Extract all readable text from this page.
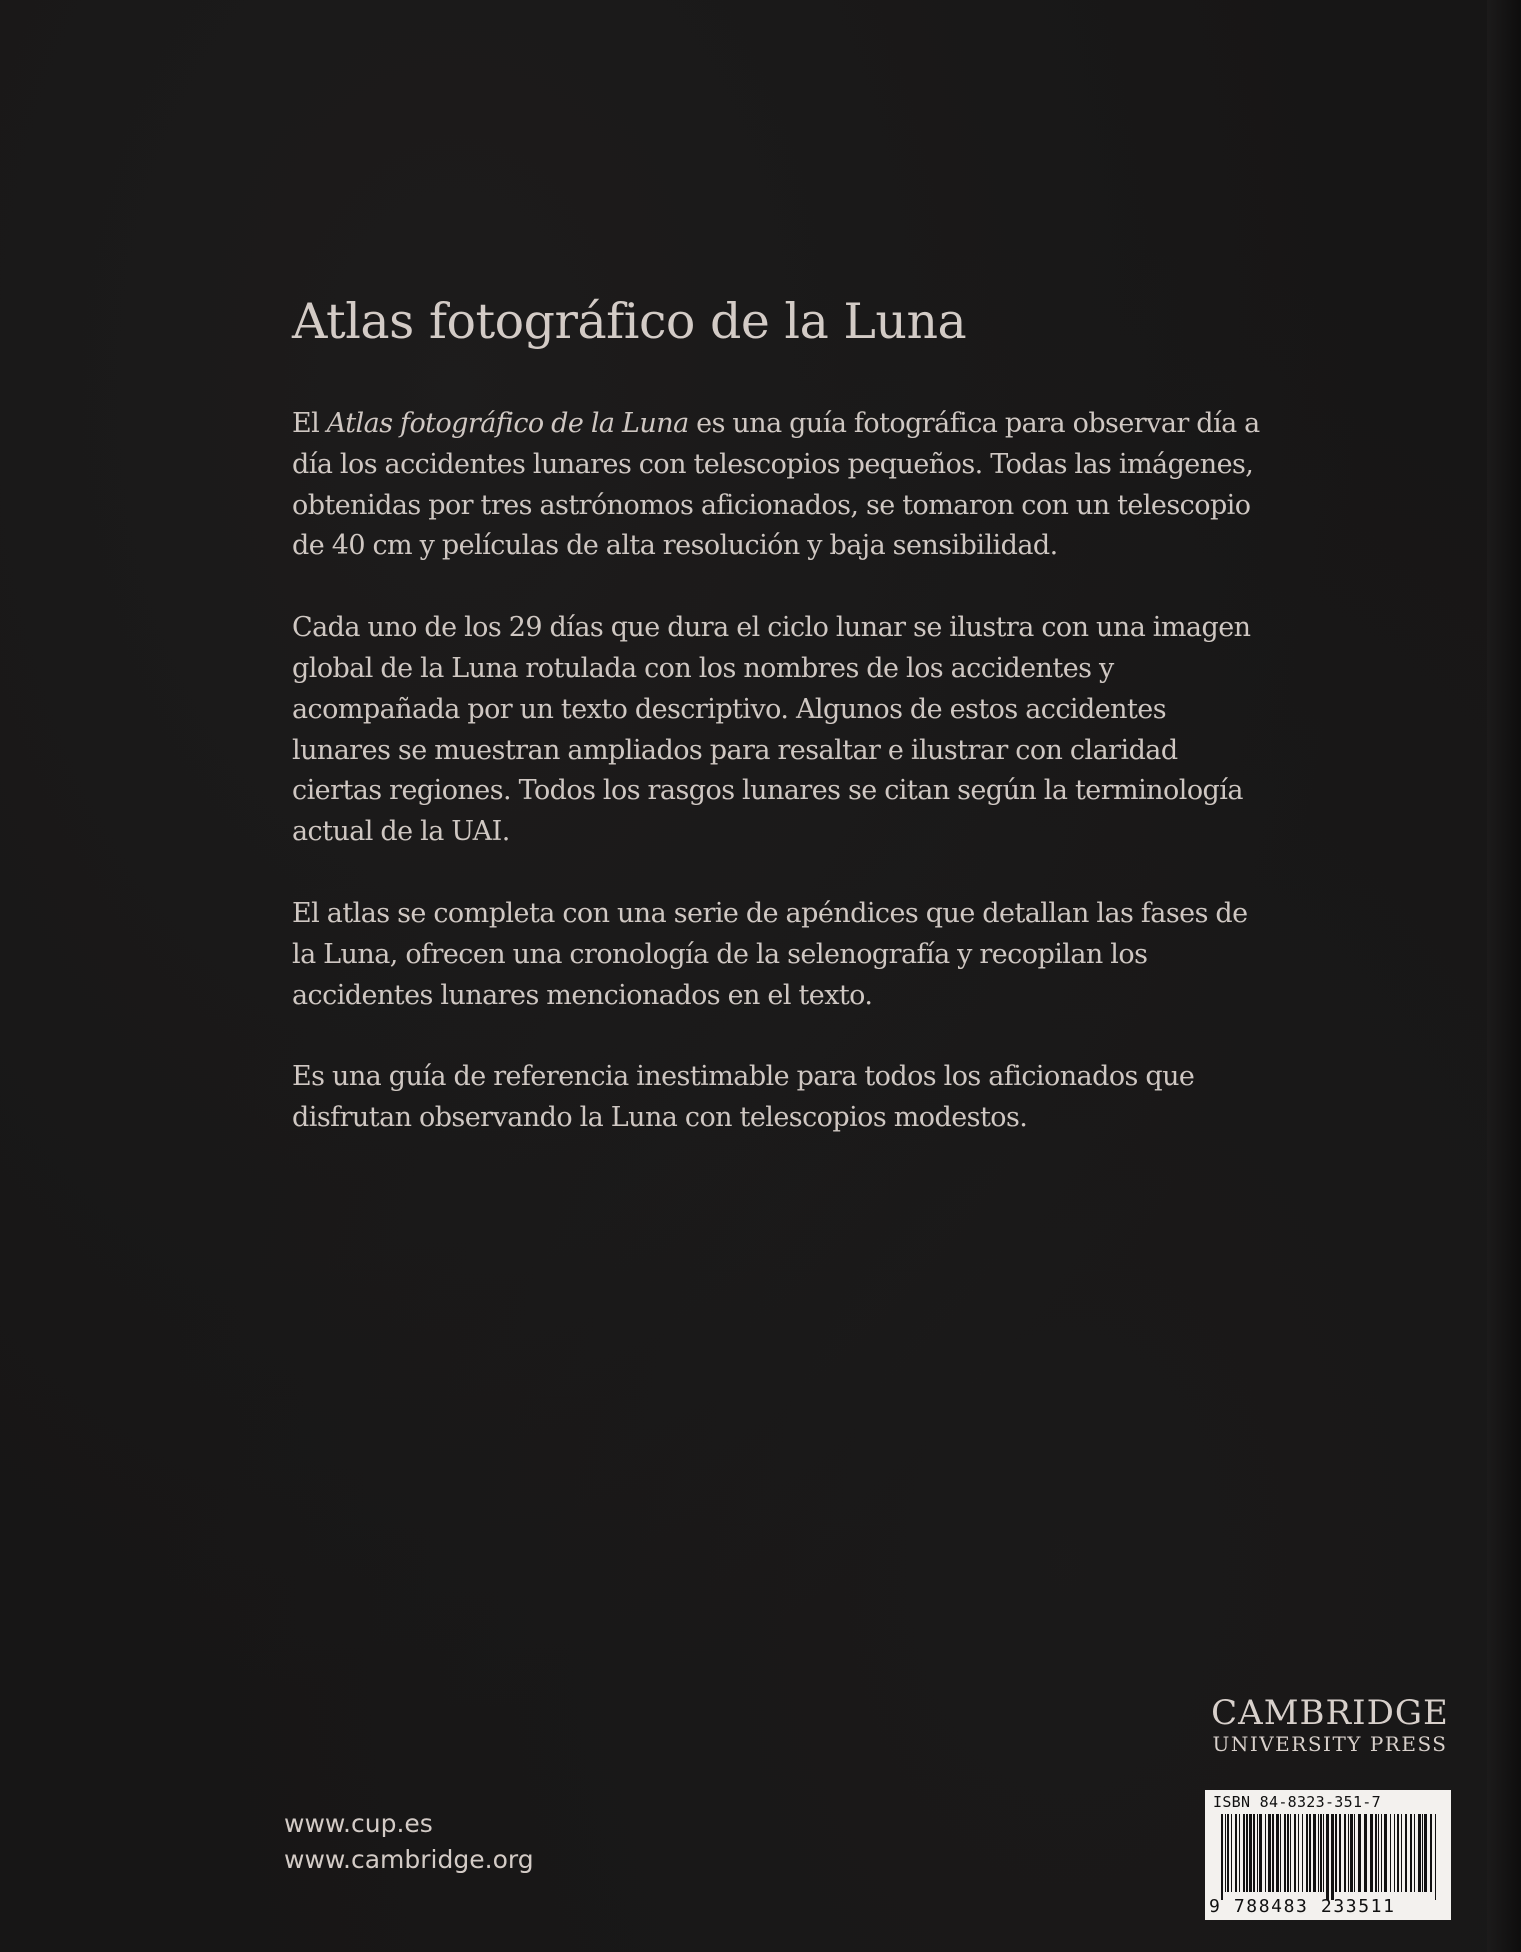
Atlas fotográfico de la Luna

El Atlas fotográfico de la Luna es una guía fotográfica para observar día a día los accidentes lunares con telescopios pequeños. Todas las imágenes, obtenidas por tres astrónomos aficionados, se tomaron con un telescopio de 40 cm y películas de alta resolución y baja sensibilidad.

Cada uno de los 29 días que dura el ciclo lunar se ilustra con una imagen global de la Luna rotulada con los nombres de los accidentes y acompañada por un texto descriptivo. Algunos de estos accidentes lunares se muestran ampliados para resaltar e ilustrar con claridad ciertas regiones. Todos los rasgos lunares se citan según la terminología actual de la UAI.

El atlas se completa con una serie de apéndices que detallan las fases de la Luna, ofrecen una cronología de la selenografía y recopilan los accidentes lunares mencionados en el texto.

Es una guía de referencia inestimable para todos los aficionados que disfrutan observando la Luna con telescopios modestos.

CAMBRIDGE
UNIVERSITY PRESS
www.cup.es
www.cambridge.org
ISBN 84-8323-351-7
9 788483 233511
